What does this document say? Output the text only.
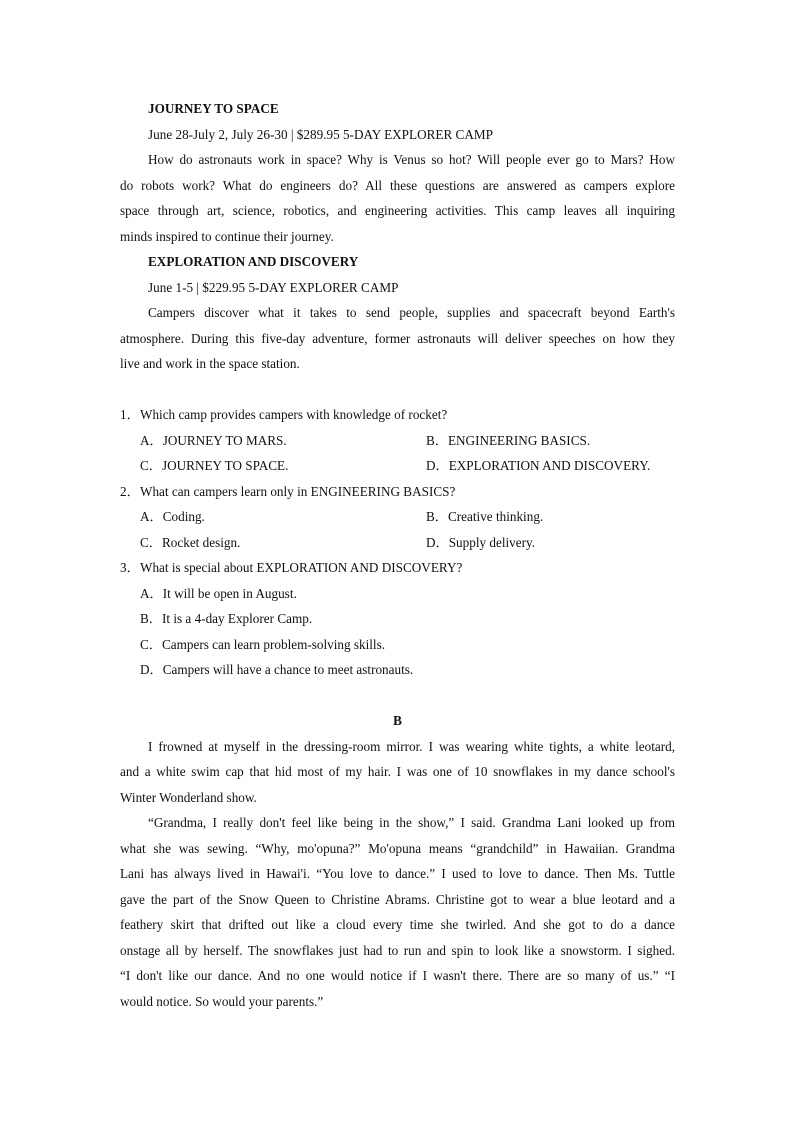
JOURNEY TO SPACE
June 28-July 2, July 26-30 | $289.95 5-DAY EXPLORER CAMP
How do astronauts work in space? Why is Venus so hot? Will people ever go to Mars? How
do robots work? What do engineers do? All these questions are answered as campers explore
space through art, science, robotics, and engineering activities. This camp leaves all inquiring
minds inspired to continue their journey.
EXPLORATION AND DISCOVERY
June 1-5 | $229.95 5-DAY EXPLORER CAMP
Campers discover what it takes to send people, supplies and spacecraft beyond Earth's
atmosphere. During this five-day adventure, former astronauts will deliver speeches on how they
live and work in the space station.
1．Which camp provides campers with knowledge of rocket?
A．JOURNEY TO MARS.	B．ENGINEERING BASICS.
C．JOURNEY TO SPACE.	D．EXPLORATION AND DISCOVERY.
2．What can campers learn only in ENGINEERING BASICS?
A．Coding.	B．Creative thinking.
C．Rocket design.	D．Supply delivery.
3．What is special about EXPLORATION AND DISCOVERY?
A．It will be open in August.
B．It is a 4-day Explorer Camp.
C．Campers can learn problem-solving skills.
D．Campers will have a chance to meet astronauts.
B
I frowned at myself in the dressing-room mirror. I was wearing white tights, a white leotard,
and a white swim cap that hid most of my hair. I was one of 10 snowflakes in my dance school's
Winter Wonderland show.
“Grandma, I really don't feel like being in the show,” I said. Grandma Lani looked up from
what she was sewing. “Why, mo'opuna?” Mo'opuna means “grandchild” in Hawaiian. Grandma
Lani has always lived in Hawai'i. “You love to dance.” I used to love to dance. Then Ms. Tuttle
gave the part of the Snow Queen to Christine Abrams. Christine got to wear a blue leotard and a
feathery skirt that drifted out like a cloud every time she twirled. And she got to do a dance
onstage all by herself. The snowflakes just had to run and spin to look like a snowstorm. I sighed.
“I don't like our dance. And no one would notice if I wasn't there. There are so many of us.” “I
would notice. So would your parents.”
